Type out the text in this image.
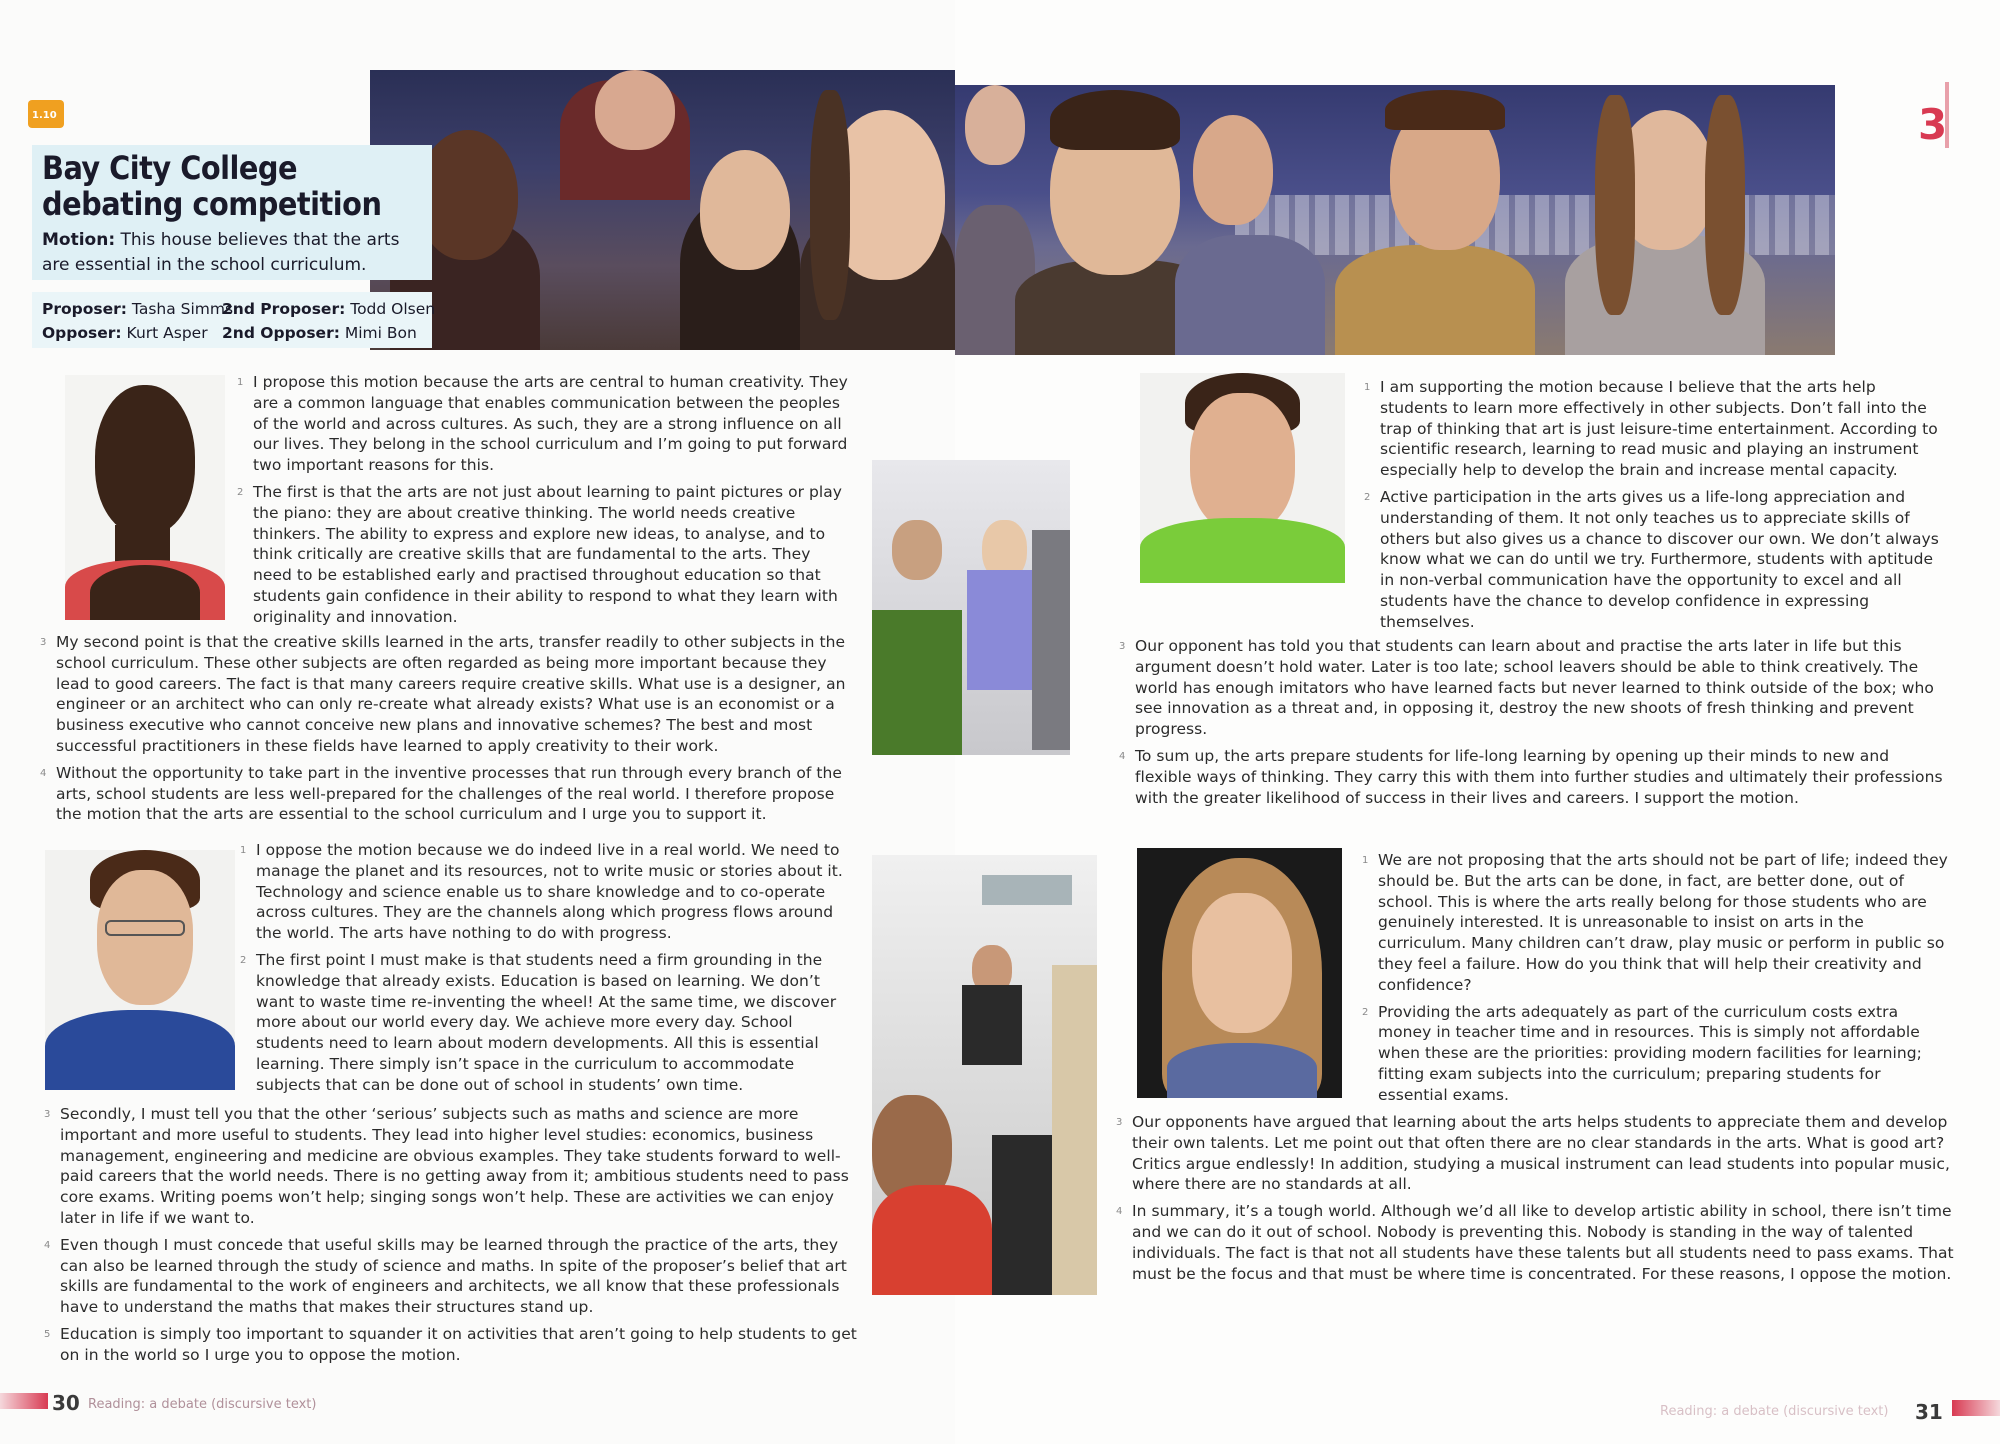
1.10
Bay City College
debating competition
Motion: This house believes that the arts are essential in the school curriculum.
Proposer: Tasha Simms
2nd Proposer: Todd Olsen
Opposer: Kurt Asper 2nd Opposer: Mimi Bon
3
1 I propose this motion because the arts are central to human creativity. They are a common language that enables communication between the peoples of the world and across cultures. As such, they are a strong influence on all our lives. They belong in the school curriculum and I’m going to put forward two important reasons for this.
2 The first is that the arts are not just about learning to paint pictures or play the piano: they are about creative thinking. The world needs creative thinkers. The ability to express and explore new ideas, to analyse, and to think critically are creative skills that are fundamental to the arts. They need to be established early and practised throughout education so that students gain confidence in their ability to respond to what they learn with originality and innovation.
3 My second point is that the creative skills learned in the arts, transfer readily to other subjects in the school curriculum. These other subjects are often regarded as being more important because they lead to good careers. The fact is that many careers require creative skills. What use is a designer, an engineer or an architect who can only re-create what already exists? What use is an economist or a business executive who cannot conceive new plans and innovative schemes? The best and most successful practitioners in these fields have learned to apply creativity to their work.
4 Without the opportunity to take part in the inventive processes that run through every branch of the arts, school students are less well-prepared for the challenges of the real world. I therefore propose the motion that the arts are essential to the school curriculum and I urge you to support it.
1 I oppose the motion because we do indeed live in a real world. We need to manage the planet and its resources, not to write music or stories about it. Technology and science enable us to share knowledge and to co-operate across cultures. They are the channels along which progress flows around the world. The arts have nothing to do with progress.
2 The first point I must make is that students need a firm grounding in the knowledge that already exists. Education is based on learning. We don’t want to waste time re-inventing the wheel! At the same time, we discover more about our world every day. We achieve more every day. School students need to learn about modern developments. All this is essential learning. There simply isn’t space in the curriculum to accommodate subjects that can be done out of school in students’ own time.
3 Secondly, I must tell you that the other ‘serious’ subjects such as maths and science are more important and more useful to students. They lead into higher level studies: economics, business management, engineering and medicine are obvious examples. They take students forward to well-paid careers that the world needs. There is no getting away from it; ambitious students need to pass core exams. Writing poems won’t help; singing songs won’t help. These are activities we can enjoy later in life if we want to.
4 Even though I must concede that useful skills may be learned through the practice of the arts, they can also be learned through the study of science and maths. In spite of the proposer’s belief that art skills are fundamental to the work of engineers and architects, we all know that these professionals have to understand the maths that makes their structures stand up.
5 Education is simply too important to squander it on activities that aren’t going to help students to get on in the world so I urge you to oppose the motion.
1 I am supporting the motion because I believe that the arts help students to learn more effectively in other subjects. Don’t fall into the trap of thinking that art is just leisure-time entertainment. According to scientific research, learning to read music and playing an instrument especially help to develop the brain and increase mental capacity.
2 Active participation in the arts gives us a life-long appreciation and understanding of them. It not only teaches us to appreciate skills of others but also gives us a chance to discover our own. We don’t always know what we can do until we try. Furthermore, students with aptitude in non-verbal communication have the opportunity to excel and all students have the chance to develop confidence in expressing themselves.
3 Our opponent has told you that students can learn about and practise the arts later in life but this argument doesn’t hold water. Later is too late; school leavers should be able to think creatively. The world has enough imitators who have learned facts but never learned to think outside of the box; who see innovation as a threat and, in opposing it, destroy the new shoots of fresh thinking and prevent progress.
4 To sum up, the arts prepare students for life-long learning by opening up their minds to new and flexible ways of thinking. They carry this with them into further studies and ultimately their professions with the greater likelihood of success in their lives and careers. I support the motion.
1 We are not proposing that the arts should not be part of life; indeed they should be. But the arts can be done, in fact, are better done, out of school. This is where the arts really belong for those students who are genuinely interested. It is unreasonable to insist on arts in the curriculum. Many children can’t draw, play music or perform in public so they feel a failure. How do you think that will help their creativity and confidence?
2 Providing the arts adequately as part of the curriculum costs extra money in teacher time and in resources. This is simply not affordable when these are the priorities: providing modern facilities for learning; fitting exam subjects into the curriculum; preparing students for essential exams.
3 Our opponents have argued that learning about the arts helps students to appreciate them and develop their own talents. Let me point out that often there are no clear standards in the arts. What is good art? Critics argue endlessly! In addition, studying a musical instrument can lead students into popular music, where there are no standards at all.
4 In summary, it’s a tough world. Although we’d all like to develop artistic ability in school, there isn’t time and we can do it out of school. Nobody is preventing this. Nobody is standing in the way of talented individuals. The fact is that not all students have these talents but all students need to pass exams. That must be the focus and that must be where time is concentrated. For these reasons, I oppose the motion.
30 Reading: a debate (discursive text)	Reading: a debate (discursive text) 31
